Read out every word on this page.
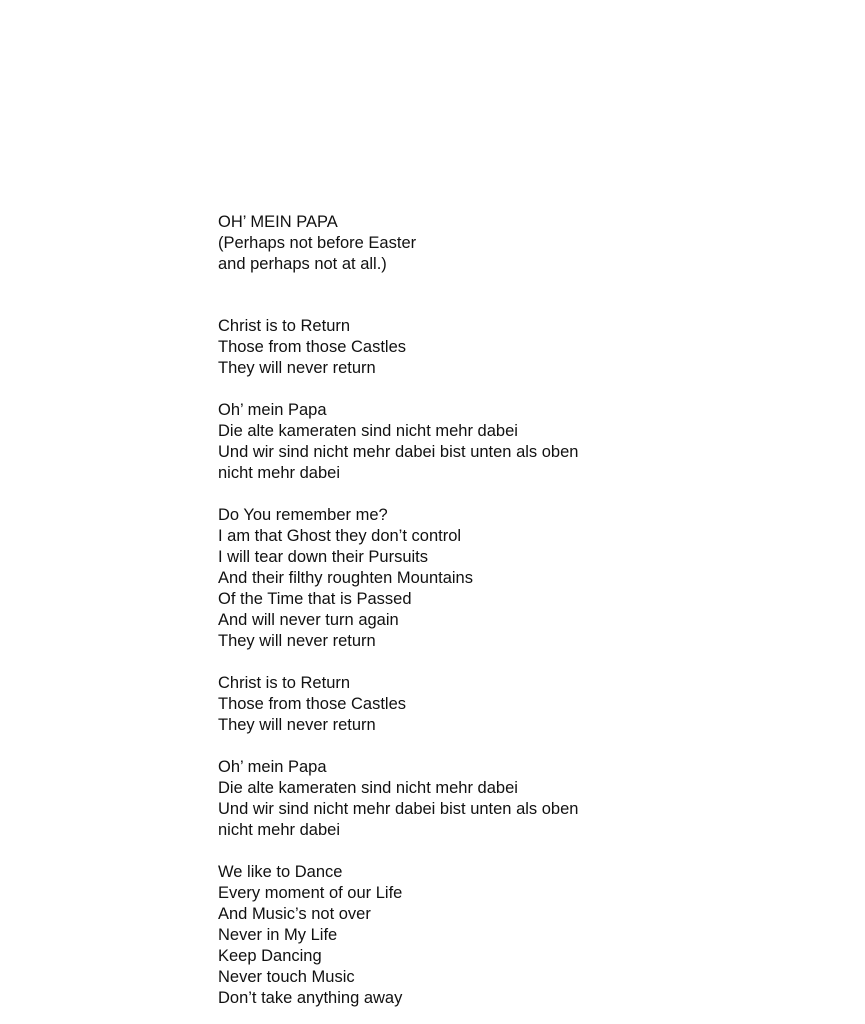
OH’ MEIN PAPA
(Perhaps not before Easter
and perhaps not at all.)
Christ is to Return
Those from those Castles
They will never return
Oh’ mein Papa
Die alte kameraten sind nicht mehr dabei
Und wir sind nicht mehr dabei bist unten als oben
nicht mehr dabei
Do You remember me?
I am that Ghost they don’t control
I will tear down their Pursuits
And their filthy roughten Mountains
Of the Time that is Passed
And will never turn again
They will never return
Christ is to Return
Those from those Castles
They will never return
Oh’ mein Papa
Die alte kameraten sind nicht mehr dabei
Und wir sind nicht mehr dabei bist unten als oben
nicht mehr dabei
We like to Dance
Every moment of our Life
And Music’s not over
Never in My Life
Keep Dancing
Never touch Music
Don’t take anything away
